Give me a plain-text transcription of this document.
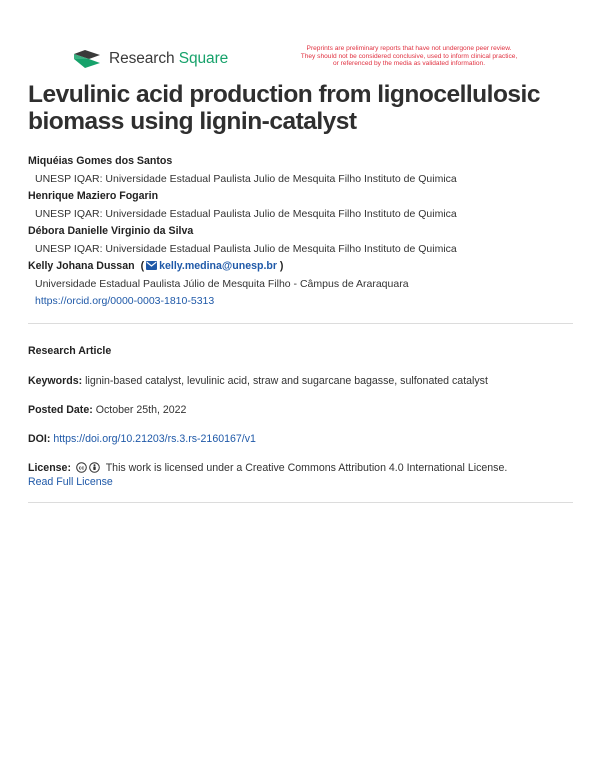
Research Square
Preprints are preliminary reports that have not undergone peer review.
They should not be considered conclusive, used to inform clinical practice,
or referenced by the media as validated information.
Levulinic acid production from lignocellulosic
biomass using lignin-catalyst
Miquéias Gomes dos Santos
UNESP IQAR: Universidade Estadual Paulista Julio de Mesquita Filho Instituto de Quimica
Henrique Maziero Fogarin
UNESP IQAR: Universidade Estadual Paulista Julio de Mesquita Filho Instituto de Quimica
Débora Danielle Virginio da Silva
UNESP IQAR: Universidade Estadual Paulista Julio de Mesquita Filho Instituto de Quimica
Kelly Johana Dussan ( kelly.medina@unesp.br )
Universidade Estadual Paulista Júlio de Mesquita Filho - Câmpus de Araraquara
https://orcid.org/0000-0003-1810-5313
Research Article
Keywords: lignin-based catalyst, levulinic acid, straw and sugarcane bagasse, sulfonated catalyst
Posted Date: October 25th, 2022
DOI: https://doi.org/10.21203/rs.3.rs-2160167/v1
License: cc This work is licensed under a Creative Commons Attribution 4.0 International License.
Read Full License
